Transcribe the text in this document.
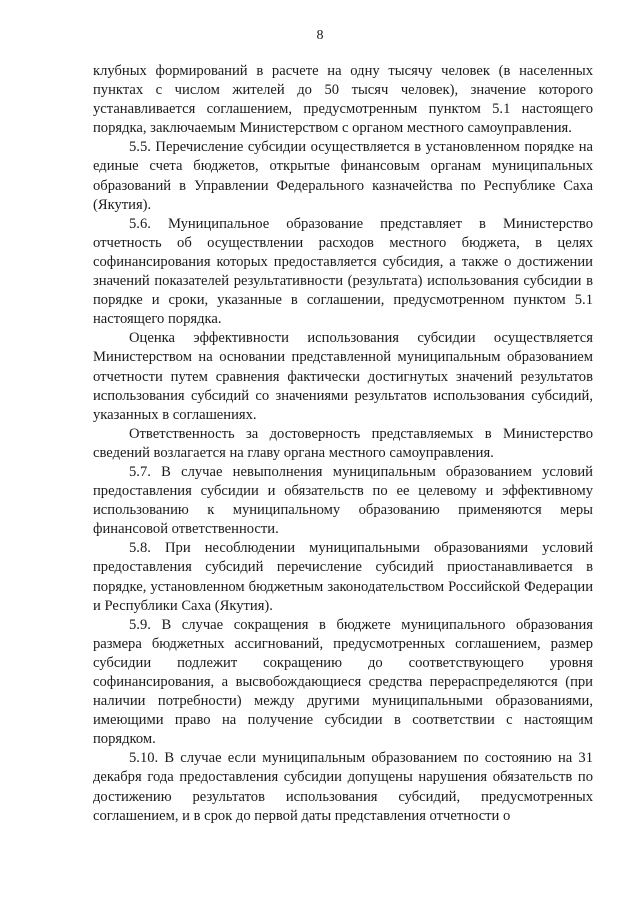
8

клубных формирований в расчете на одну тысячу человек (в населенных пунктах с числом жителей до 50 тысяч человек), значение которого устанавливается соглашением, предусмотренным пунктом 5.1 настоящего порядка, заключаемым Министерством с органом местного самоуправления.

5.5. Перечисление субсидии осуществляется в установленном порядке на единые счета бюджетов, открытые финансовым органам муниципальных образований в Управлении Федерального казначейства по Республике Саха (Якутия).

5.6. Муниципальное образование представляет в Министерство отчетность об осуществлении расходов местного бюджета, в целях софинансирования которых предоставляется субсидия, а также о достижении значений показателей результативности (результата) использования субсидии в порядке и сроки, указанные в соглашении, предусмотренном пунктом 5.1 настоящего порядка.

Оценка эффективности использования субсидии осуществляется Министерством на основании представленной муниципальным образованием отчетности путем сравнения фактически достигнутых значений результатов использования субсидий со значениями результатов использования субсидий, указанных в соглашениях.

Ответственность за достоверность представляемых в Министерство сведений возлагается на главу органа местного самоуправления.

5.7. В случае невыполнения муниципальным образованием условий предоставления субсидии и обязательств по ее целевому и эффективному использованию к муниципальному образованию применяются меры финансовой ответственности.

5.8. При несоблюдении муниципальными образованиями условий предоставления субсидий перечисление субсидий приостанавливается в порядке, установленном бюджетным законодательством Российской Федерации и Республики Саха (Якутия).

5.9. В случае сокращения в бюджете муниципального образования размера бюджетных ассигнований, предусмотренных соглашением, размер субсидии подлежит сокращению до соответствующего уровня софинансирования, а высвобождающиеся средства перераспределяются (при наличии потребности) между другими муниципальными образованиями, имеющими право на получение субсидии в соответствии с настоящим порядком.

5.10. В случае если муниципальным образованием по состоянию на 31 декабря года предоставления субсидии допущены нарушения обязательств по достижению результатов использования субсидий, предусмотренных соглашением, и в срок до первой даты представления отчетности о
